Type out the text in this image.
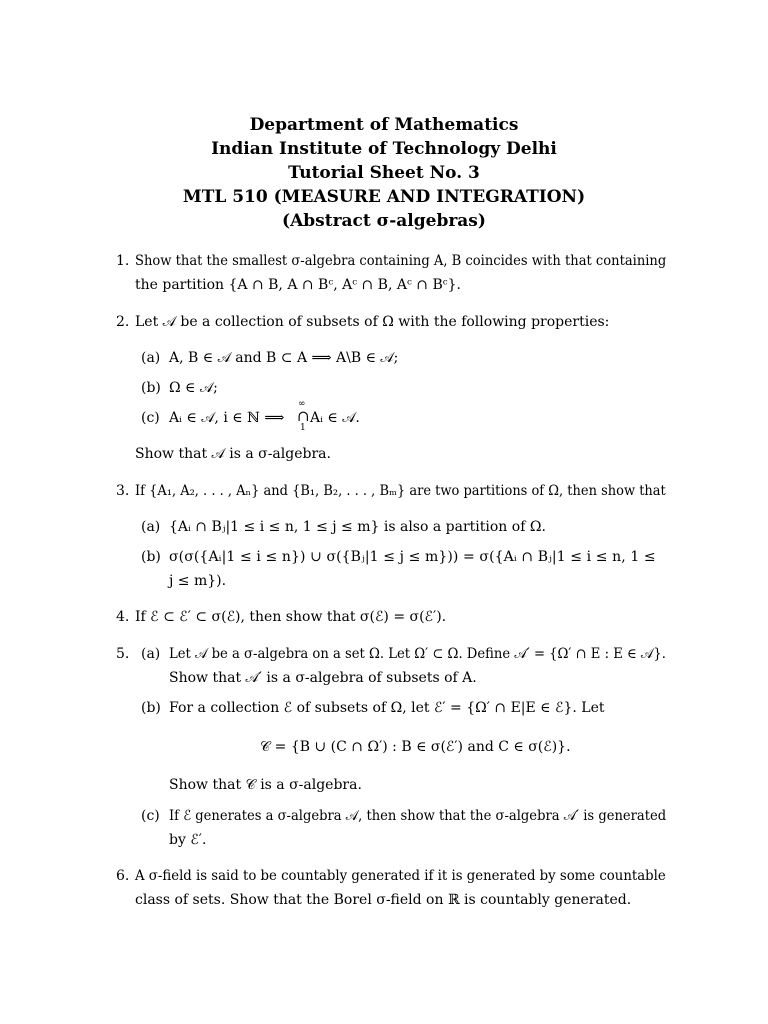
Department of Mathematics
Indian Institute of Technology Delhi
Tutorial Sheet No. 3
MTL 510 (MEASURE AND INTEGRATION)
(Abstract σ-algebras)
1. Show that the smallest σ-algebra containing A, B coincides with that containing
the partition {A ∩ B, A ∩ Bᶜ, Aᶜ ∩ B, Aᶜ ∩ Bᶜ}.
2. Let 𝒜 be a collection of subsets of Ω with the following properties:
(a) A, B ∈ 𝒜 and B ⊂ A ⟹ A\B ∈ 𝒜;
(b) Ω ∈ 𝒜;
(c) Aᵢ ∈ 𝒜, i ∈ ℕ ⟹
∞
∩
1
Aᵢ ∈ 𝒜.
Show that 𝒜 is a σ-algebra.
3. If {A₁, A₂, . . . , Aₙ} and {B₁, B₂, . . . , Bₘ} are two partitions of Ω, then show that
(a) {Aᵢ ∩ Bⱼ|1 ≤ i ≤ n, 1 ≤ j ≤ m} is also a partition of Ω.
(b) σ(σ({Aᵢ|1 ≤ i ≤ n}) ∪ σ({Bⱼ|1 ≤ j ≤ m})) = σ({Aᵢ ∩ Bⱼ|1 ≤ i ≤ n, 1 ≤
j ≤ m}).
4. If ℰ ⊂ ℰ′ ⊂ σ(ℰ), then show that σ(ℰ) = σ(ℰ′).
5. (a) Let 𝒜 be a σ-algebra on a set Ω. Let Ω′ ⊂ Ω. Define 𝒜′ = {Ω′ ∩ E : E ∈ 𝒜}.
Show that 𝒜′ is a σ-algebra of subsets of A.
(b) For a collection ℰ of subsets of Ω, let ℰ′ = {Ω′ ∩ E|E ∈ ℰ}. Let
𝒞 = {B ∪ (C ∩ Ω′) : B ∈ σ(ℰ′) and C ∈ σ(ℰ)}.
Show that 𝒞 is a σ-algebra.
(c) If ℰ generates a σ-algebra 𝒜, then show that the σ-algebra 𝒜′ is generated
by ℰ′.
6. A σ-field is said to be countably generated if it is generated by some countable
class of sets. Show that the Borel σ-field on ℝ is countably generated.
